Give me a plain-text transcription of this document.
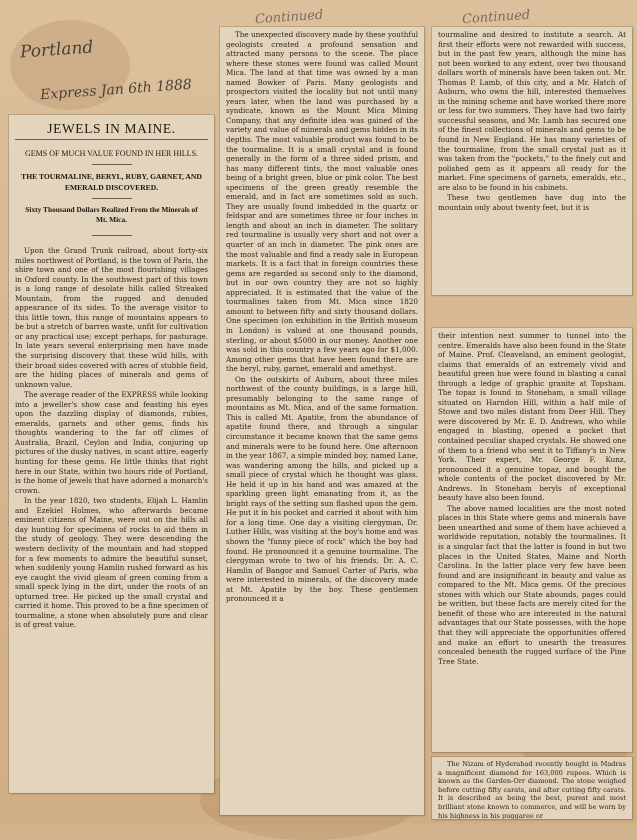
Portland
Express Jan 6th 1888
Continued	Continued
JEWELS IN MAINE.
GEMS OF MUCH VALUE FOUND IN HER HILLS.
THE TOURMALINE, BERYL, RUBY, GARNET, AND EMERALD DISCOVERED.
Sixty Thousand Dollars Realized From the Minerals of Mt. Mica.

Upon the Grand Trunk railroad, about forty-six miles northwest of Portland, is the town of Paris, the shire town and one of the most flourishing villages in Oxford county. In the southwest part of this town is a long range of desolate hills called Streaked Mountain, from the rugged and denuded appearance of its sides. To the average visitor to this little town, this range of mountains appears to be but a stretch of barren waste, unfit for cultivation or any practical use; except perhaps, for pasturage. In late years several enterprising men have made the surprising discovery that these wild hills, with their broad sides covered with acres of stubble field, are the hiding places of minerals and gems of unknown value.

The average reader of the EXPRESS while looking into a jeweller's show case and feasting his eyes upon the dazzling display of diamonds, rubies, emeralds, garnets and other gems, finds his thoughts wandering to the far off climes of Australia, Brazil, Ceylon and India, conjuring up pictures of the dusky natives, in scant attire, eagerly hunting for these gems. He little thinks that right here in our State, within two hours ride of Portland, is the home of jewels that have adorned a monarch's crown.

In the year 1820, two students, Elijah L. Hamlin and Ezekiel Holmes, who afterwards became eminent citizens of Maine, were out on the hills all day hunting for specimens of rocks to aid them in the study of geology. They were descending the western declivity of the mountain and had stopped for a few moments to admire the beautiful sunset, when suddenly young Hamlin rushed forward as his eye caught the vivid gleam of green coming from a small speck lying in the dirt, under the roots of an upturned tree. He picked up the small crystal and carried it home. This proved to be a fine specimen of tourmaline, a stone when absolutely pure and clear is of great value.

The unexpected discovery made by these youthful geologists created a profound sensation and attracted many persons to the scene. The place where these stones were found was called Mount Mica. The land at that time was owned by a man named Bowker of Paris. Many geologists and prospectors visited the locality but not until many years later, when the land was purchased by a syndicate, known as the Mount Mica Mining Company, that any definite idea was gained of the variety and value of minerals and gems hidden in its depths. The most valuable product was found to be the tourmaline. It is a small crystal and is found generally in the form of a three sided prism, and has many different tints, the most valuable ones being of a bright green, blue or pink color. The best specimens of the green greatly resemble the emerald, and in fact are sometimes sold as such. They are usually found imbedded in the quartz or feldspar and are sometimes three or four inches in length and about an inch in diameter. The solitary red tourmaline is usually very short and not over a quarter of an inch in diameter. The pink ones are the most valuable and find a ready sale in European markets. It is a fact that in foreign countries these gems are regarded as second only to the diamond, but in our own country they are not so highly appreciated. It is estimated that the value of the tourmalines taken from Mt. Mica since 1820 amount to between fifty and sixty thousand dollars. One specimen (on exhibition in the British museum in London) is valued at one thousand pounds, sterling, or about $5000 in our money. Another one was sold in this country a few years ago for $1,000. Among other gems that have been found there are the beryl, ruby, garnet, emerald and amethyst.

On the outskirts of Auburn, about three miles northwest of the county buildings, is a large hill, presumably belonging to the same range of mountains as Mt. Mica, and of the same formation. This is called Mt. Apatite, from the abundance of apatite found there, and through a singular circumstance it became known that the same gems and minerals were to be found here. One afternoon in the year 1867, a simple minded boy, named Lane, was wandering among the hills, and picked up a small piece of crystal which he thought was glass. He held it up in his hand and was amazed at the sparkling green light emanating from it, as the bright rays of the setting sun flashed upon the gem. He put it in his pocket and carried it about with him for a long time. One day a visiting clergyman, Dr. Luther Hills, was visiting at the boy's home and was shown the "funny piece of rock" which the boy had found. He pronounced it a genuine tourmaline. The clergyman wrote to two of his friends, Dr. A. C. Hamlin of Bangor and Samuel Carter of Paris, who were interested in minerals, of the discovery made at Mt. Apatite by the boy. These gentlemen pronounced it a

tourmaline and desired to institute a search. At first their efforts were not rewarded with success, but in the past few years, although the mine has not been worked to any extent, over two thousand dollars worth of minerals have been taken out. Mr. Thomas P. Lamb, of this city, and a Mr. Hatch of Auburn, who owns the hill, interested themselves in the mining scheme and have worked there more or less for two summers. They have had two fairly successful seasons, and Mr. Lamb has secured one of the finest collections of minerals and gems to be found in New England. He has many varieties of the tourmaline, from the small crystal just as it was taken from the "pockets," to the finely cut and polished gem as it appears all ready for the market. Fine specimens of garnets, emeralds, etc., are also to be found in his cabinets.

These two gentlemen have dug into the mountain only about twenty feet, but it is

their intention next summer to tunnel into the centre. Emeralds have also been found in the State of Maine. Prof. Cleaveland, an eminent geologist, claims that emeralds of an extremely vivid and beautiful green hue were found in blasting a canal through a ledge of graphic granite at Topsham. The topaz is found in Stoneham, a small village situated on Harndon Hill, within a half mile of Stowe and two miles distant from Deer Hill. They were discovered by Mr. E. D. Andrews, who while engaged in blasting, opened a pocket that contained peculiar shaped crystals. He showed one of them to a friend who sent it to Tiffany's in New York. Their expert, Mr. George F. Kunz, pronounced it a genuine topaz, and bought the whole contents of the pocket discovered by Mr. Andrews. In Stoneham beryls of exceptional beauty have also been found.

The above named localities are the most noted places in this State where gems and minerals have been unearthed and some of them have achieved a worldwide reputation, notably the tourmalines. It is a singular fact that the latter is found in but two places in the United States, Maine and North Carolina. In the latter place very few have been found and are insignificant in beauty and value as compared to the Mt. Mica gems. Of the precious stones with which our State abounds, pages could be written, but these facts are merely cited for the benefit of those who are interested in the natural advantages that our State possesses, with the hope that they will appreciate the opportunities offered and make an effort to unearth the treasures concealed beneath the rugged surface of the Pine Tree State.

The Nizam of Hyderabad recently bought in Madras a magnificent diamond for 163,000 rupees. Which is known as the Garden-Orr diamond. The stone weighed before cutting fifty carats, and after cutting fifty carats. It is described as being the best, purest and most brilliant stone known to commerce, and will be worn by his highness in his puggaree or
